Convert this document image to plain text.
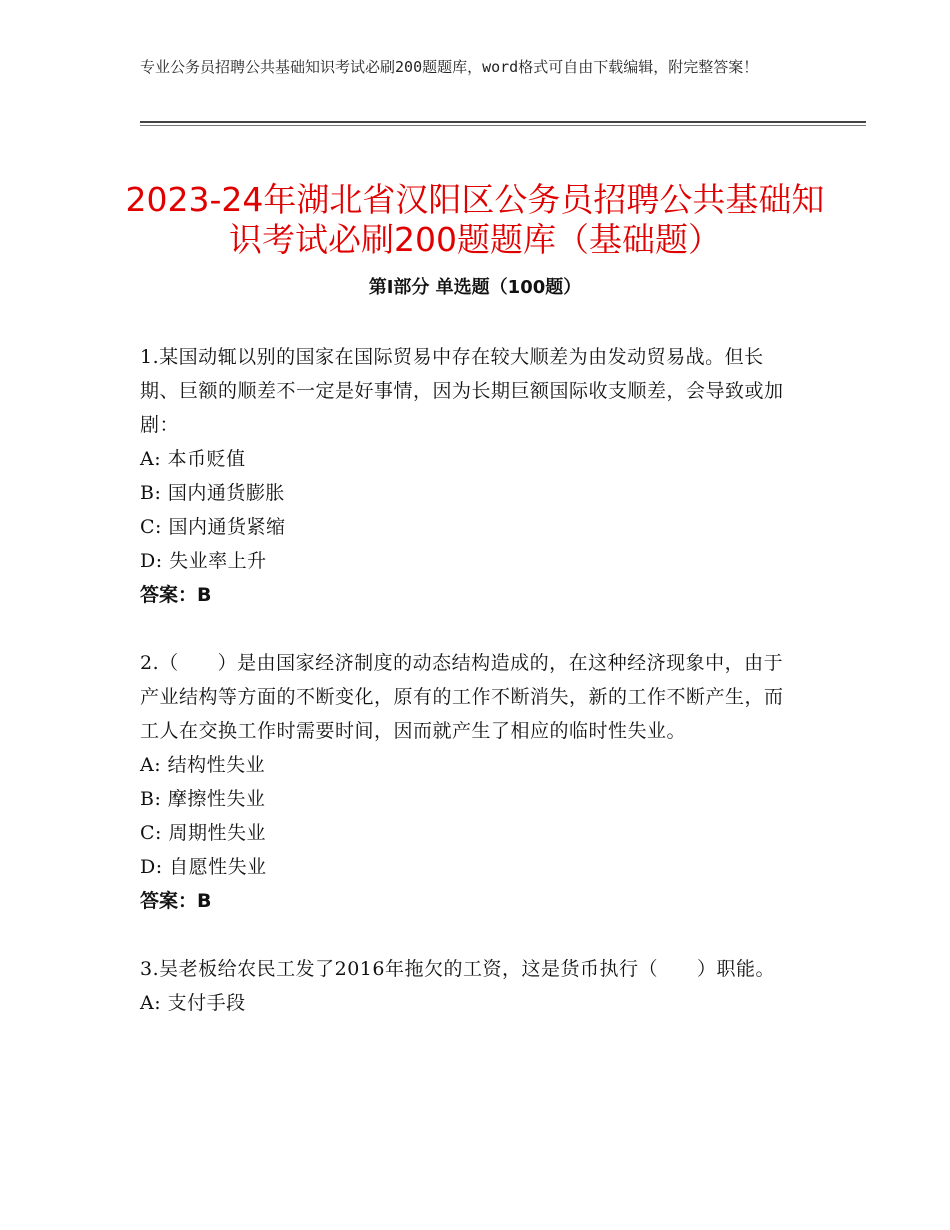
专业公务员招聘公共基础知识考试必刷200题题库，word格式可自由下载编辑，附完整答案！
2023-24年湖北省汉阳区公务员招聘公共基础知识考试必刷200题题库（基础题）
第Ⅰ部分 单选题（100题）
1.某国动辄以别的国家在国际贸易中存在较大顺差为由发动贸易战。但长期、巨额的顺差不一定是好事情，因为长期巨额国际收支顺差，会导致或加剧：
A: 本币贬值
B: 国内通货膨胀
C: 国内通货紧缩
D: 失业率上升
答案：B
2.（　　）是由国家经济制度的动态结构造成的，在这种经济现象中，由于产业结构等方面的不断变化，原有的工作不断消失，新的工作不断产生，而工人在交换工作时需要时间，因而就产生了相应的临时性失业。
A: 结构性失业
B: 摩擦性失业
C: 周期性失业
D: 自愿性失业
答案：B
3.吴老板给农民工发了2016年拖欠的工资，这是货币执行（　　）职能。
A: 支付手段
